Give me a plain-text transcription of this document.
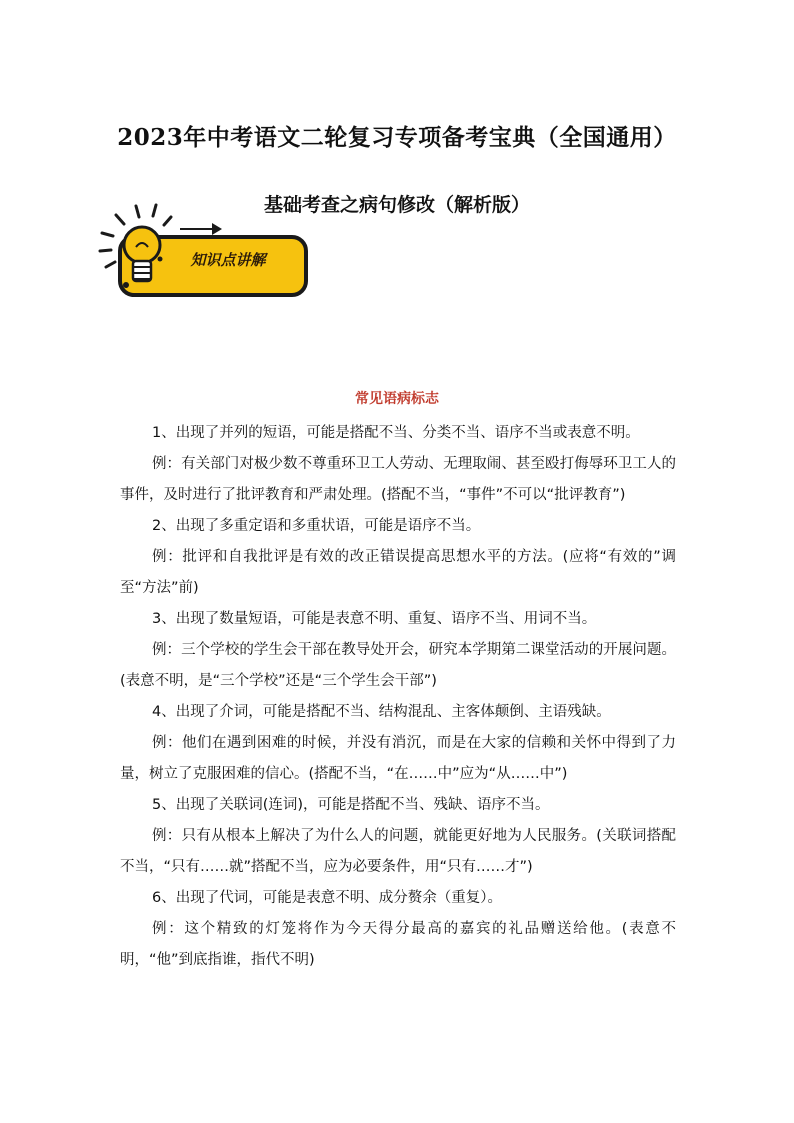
2023年中考语文二轮复习专项备考宝典（全国通用）
基础考查之病句修改（解析版）
知识点讲解
常见语病标志

1、出现了并列的短语，可能是搭配不当、分类不当、语序不当或表意不明。

例：有关部门对极少数不尊重环卫工人劳动、无理取闹、甚至殴打侮辱环卫工人的事件，及时进行了批评教育和严肃处理。(搭配不当，“事件”不可以“批评教育”)

2、出现了多重定语和多重状语，可能是语序不当。

例：批评和自我批评是有效的改正错误提高思想水平的方法。(应将“有效的”调至“方法”前)

3、出现了数量短语，可能是表意不明、重复、语序不当、用词不当。

例：三个学校的学生会干部在教导处开会，研究本学期第二课堂活动的开展问题。(表意不明，是“三个学校”还是“三个学生会干部”)

4、出现了介词，可能是搭配不当、结构混乱、主客体颠倒、主语残缺。

例：他们在遇到困难的时候，并没有消沉，而是在大家的信赖和关怀中得到了力量，树立了克服困难的信心。(搭配不当，“在……中”应为“从……中”)

5、出现了关联词(连词)，可能是搭配不当、残缺、语序不当。

例：只有从根本上解决了为什么人的问题，就能更好地为人民服务。(关联词搭配不当，“只有……就”搭配不当，应为必要条件，用“只有……才”)

6、出现了代词，可能是表意不明、成分赘余（重复）。

例：这个精致的灯笼将作为今天得分最高的嘉宾的礼品赠送给他。(表意不明，“他”到底指谁，指代不明)
